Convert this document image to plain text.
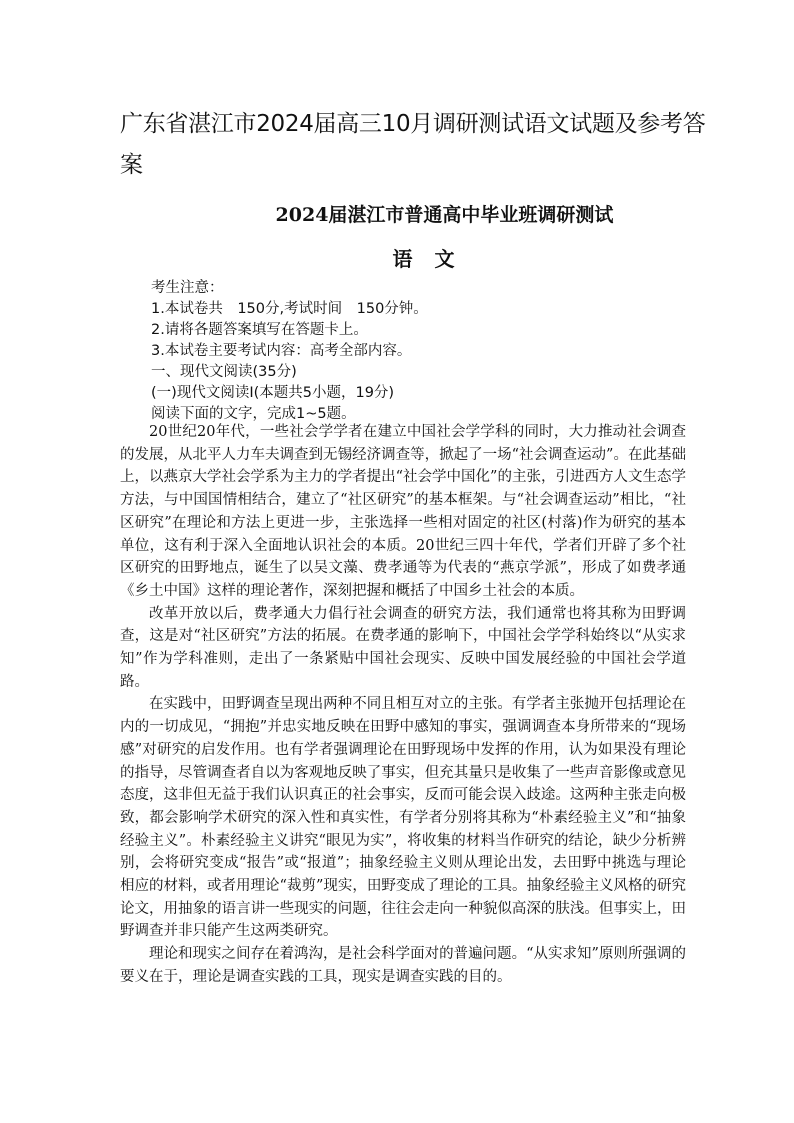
广东省湛江市2024届高三10月调研测试语文试题及参考答案
2024届湛江市普通高中毕业班调研测试
语文
考生注意：
1.本试卷共　150分,考试时间　150分钟。
2.请将各题答案填写在答题卡上。
3.本试卷主要考试内容：高考全部内容。
一、现代文阅读(35分)
(一)现代文阅读Ⅰ(本题共5小题，19分)
阅读下面的文字，完成1~5题。

20世纪20年代，一些社会学学者在建立中国社会学学科的同时，大力推动社会调查的发展，从北平人力车夫调查到无锡经济调查等，掀起了一场“社会调查运动”。在此基础上，以燕京大学社会学系为主力的学者提出“社会学中国化”的主张，引进西方人文生态学方法，与中国国情相结合，建立了“社区研究”的基本框架。与“社会调查运动”相比，“社区研究”在理论和方法上更进一步，主张选择一些相对固定的社区(村落)作为研究的基本单位，这有利于深入全面地认识社会的本质。20世纪三四十年代，学者们开辟了多个社区研究的田野地点，诞生了以吴文藻、费孝通等为代表的“燕京学派”，形成了如费孝通《乡土中国》这样的理论著作，深刻把握和概括了中国乡土社会的本质。

改革开放以后，费孝通大力倡行社会调查的研究方法，我们通常也将其称为田野调查，这是对“社区研究”方法的拓展。在费孝通的影响下，中国社会学学科始终以“从实求知”作为学科准则，走出了一条紧贴中国社会现实、反映中国发展经验的中国社会学道路。

在实践中，田野调查呈现出两种不同且相互对立的主张。有学者主张抛开包括理论在内的一切成见，“拥抱”并忠实地反映在田野中感知的事实，强调调查本身所带来的“现场感”对研究的启发作用。也有学者强调理论在田野现场中发挥的作用，认为如果没有理论的指导，尽管调查者自以为客观地反映了事实，但充其量只是收集了一些声音影像或意见态度，这非但无益于我们认识真正的社会事实，反而可能会误入歧途。这两种主张走向极致，都会影响学术研究的深入性和真实性，有学者分别将其称为“朴素经验主义”和“抽象经验主义”。朴素经验主义讲究“眼见为实”，将收集的材料当作研究的结论，缺少分析辨别，会将研究变成“报告”或“报道”；抽象经验主义则从理论出发，去田野中挑选与理论相应的材料，或者用理论“裁剪”现实，田野变成了理论的工具。抽象经验主义风格的研究论文，用抽象的语言讲一些现实的问题，往往会走向一种貌似高深的肤浅。但事实上，田野调查并非只能产生这两类研究。

理论和现实之间存在着鸿沟，是社会科学面对的普遍问题。“从实求知”原则所强调的要义在于，理论是调查实践的工具，现实是调查实践的目的。
